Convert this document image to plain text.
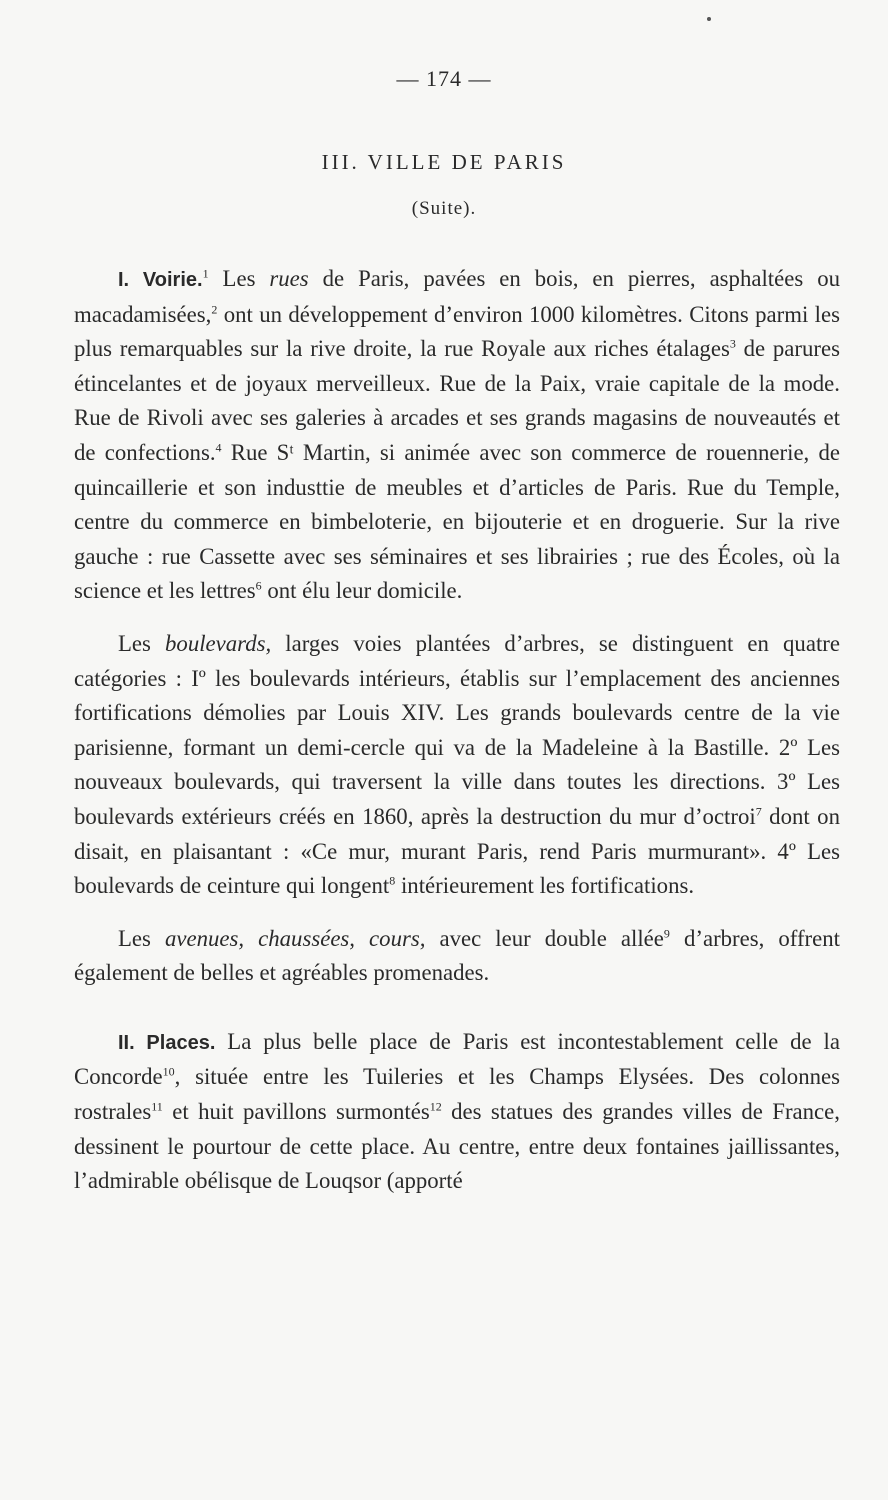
— 174 —
III. VILLE DE PARIS
(Suite).

I. Voirie.$^1$ Les rues de Paris, pavées en bois, en pierres, asphaltées ou macadamisées,$^2$ ont un développement d’environ 1000 kilomètres. Citons parmi les plus remarquables sur la rive droite, la rue Royale aux riches étalages$^3$ de parures étincelantes et de joyaux merveilleux. Rue de la Paix, vraie capitale de la mode. Rue de Rivoli avec ses galeries à arcades et ses grands magasins de nouveautés et de confections.$^4$ Rue Sᵗ Martin, si animée avec son commerce de rouennerie, de quincaillerie et son industtie de meubles et d’articles de Paris. Rue du Temple, centre du commerce en bimbeloterie, en bijouterie et en droguerie. Sur la rive gauche : rue Cassette avec ses séminaires et ses librairies ; rue des Écoles, où la science et les lettres$^6$ ont élu leur domicile.

Les boulevards, larges voies plantées d’arbres, se distinguent en quatre catégories : Iº les boulevards intérieurs, établis sur l’emplacement des anciennes fortifications démolies par Louis XIV. Les grands boulevards centre de la vie parisienne, formant un demi-cercle qui va de la Madeleine à la Bastille. 2º Les nouveaux boulevards, qui traversent la ville dans toutes les directions. 3º Les boulevards extérieurs créés en 1860, après la destruction du mur d’octroi$^7$ dont on disait, en plaisantant : «Ce mur, murant Paris, rend Paris murmurant». 4º Les boulevards de ceinture qui longent$^8$ intérieurement les fortifications.

Les avenues, chaussées, cours, avec leur double allée$^9$ d’arbres, offrent également de belles et agréables promenades.

II. Places. La plus belle place de Paris est incontestablement celle de la Concorde$^{10}$, située entre les Tuileries et les Champs Elysées. Des colonnes rostrales$^{11}$ et huit pavillons surmontés$^{12}$ des statues des grandes villes de France, dessinent le pourtour de cette place. Au centre, entre deux fontaines jaillissantes, l’admirable obélisque de Louqsor (apporté
